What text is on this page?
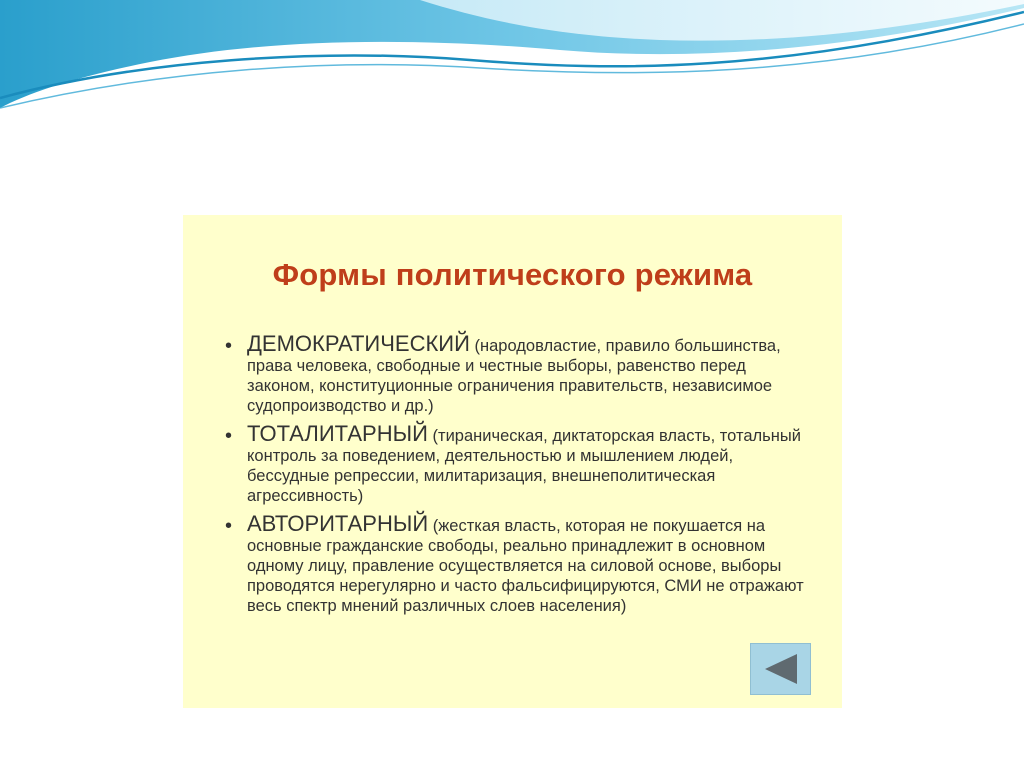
Формы политического режима
• ДЕМОКРАТИЧЕСКИЙ (народовластие, правило большинства, права человека, свободные и честные выборы, равенство перед законом, конституционные ограничения правительств, независимое судопроизводство и др.)
• ТОТАЛИТАРНЫЙ (тираническая, диктаторская власть, тотальный контроль за поведением, деятельностью и мышлением людей, бессудные репрессии, милитаризация, внешнеполитическая агрессивность)
• АВТОРИТАРНЫЙ (жесткая власть, которая не покушается на основные гражданские свободы, реально принадлежит в основном одному лицу, правление осуществляется на силовой основе, выборы проводятся нерегулярно и часто фальсифицируются, СМИ не отражают весь спектр мнений различных слоев населения)
